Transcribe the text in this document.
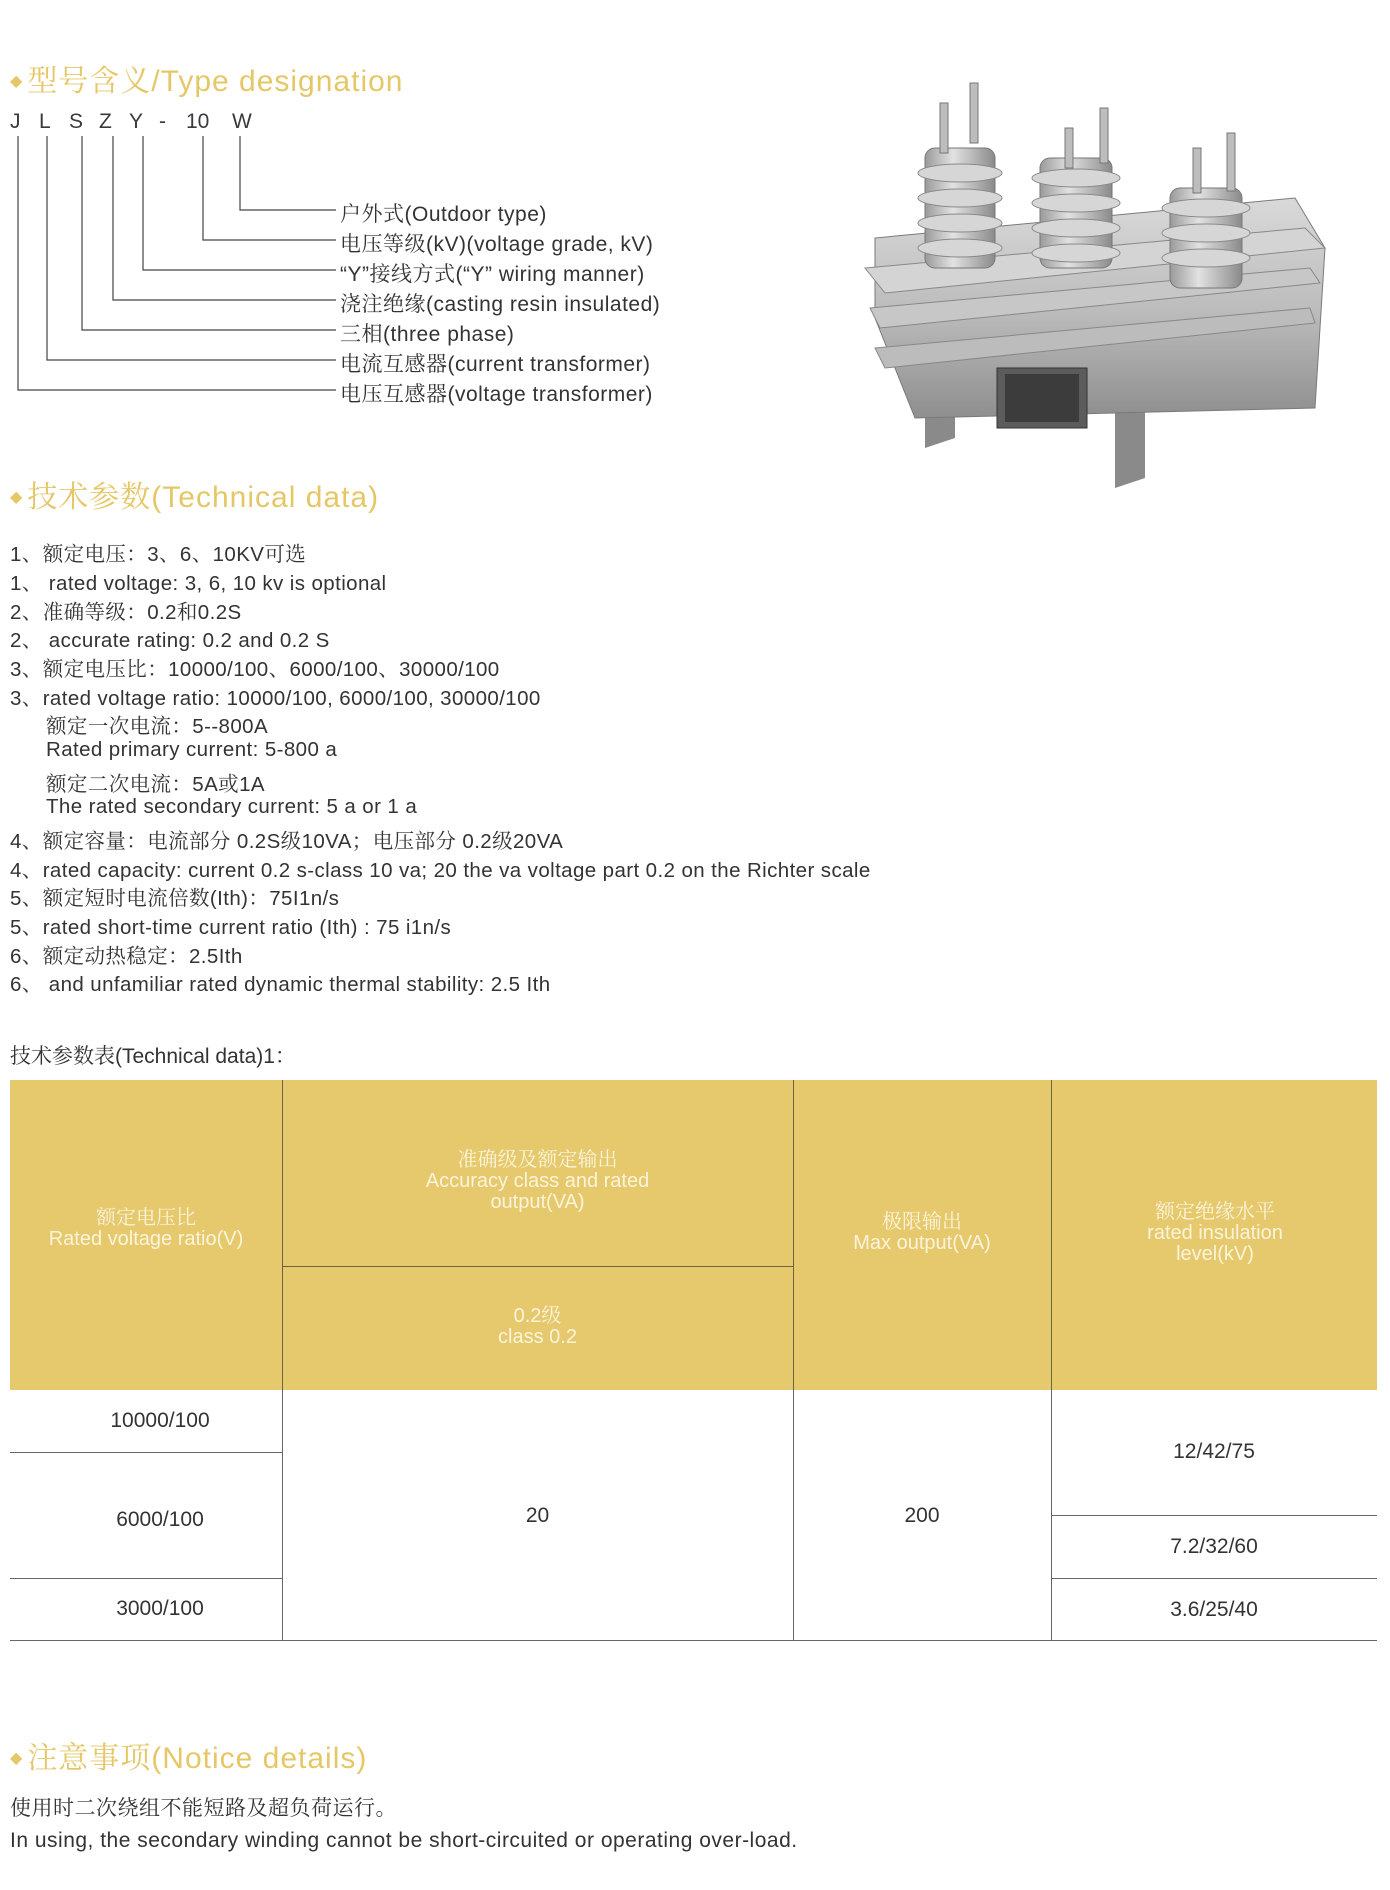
◆ 型号含义/Type designation
J L S Z Y - 10 W
户外式(Outdoor type)
电压等级(kV)(voltage grade, kV)
“Y”接线方式(“Y” wiring manner)
浇注绝缘(casting resin insulated)
三相(three phase)
电流互感器(current transformer)
电压互感器(voltage transformer)
◆ 技术参数(Technical data)
1、额定电压：3、6、10KV可选
1、 rated voltage: 3, 6, 10 kv is optional
2、准确等级：0.2和0.2S
2、 accurate rating: 0.2 and 0.2 S
3、额定电压比：10000/100、6000/100、30000/100
3、rated voltage ratio: 10000/100, 6000/100, 30000/100
额定一次电流：5--800A
Rated primary current: 5-800 a
额定二次电流：5A或1A
The rated secondary current: 5 a or 1 a
4、额定容量：电流部分 0.2S级10VA；电压部分 0.2级20VA
4、rated capacity: current 0.2 s-class 10 va; 20 the va voltage part 0.2 on the Richter scale
5、额定短时电流倍数(Ith)：75I1n/s
5、rated short-time current ratio (Ith) : 75 i1n/s
6、额定动热稳定：2.5Ith
6、 and unfamiliar rated dynamic thermal stability: 2.5 Ith
技术参数表(Technical data)1：
额定电压比
Rated voltage ratio(V)
准确级及额定输出
Accuracy class and rated output(VA)
0.2级
class 0.2
极限输出
Max output(VA)
额定绝缘水平
rated insulation level(kV)
10000/100
6000/100
3000/100
20	200
12/42/75
7.2/32/60
3.6/25/40
◆ 注意事项(Notice details)
使用时二次绕组不能短路及超负荷运行。
In using, the secondary winding cannot be short-circuited or operating over-load.
